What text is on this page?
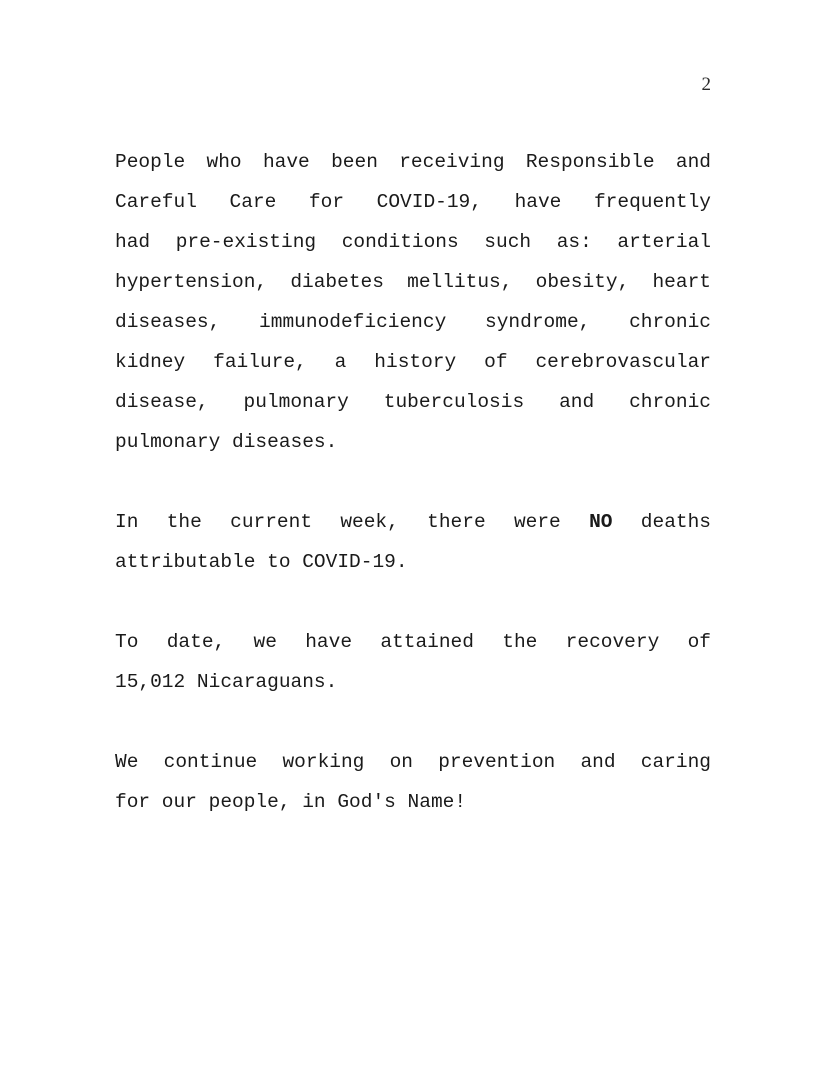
2
People who have been receiving Responsible and
Careful Care for COVID-19, have frequently
had pre-existing conditions such as: arterial
hypertension, diabetes mellitus, obesity, heart
diseases, immunodeficiency syndrome, chronic
kidney failure, a history of cerebrovascular
disease, pulmonary tuberculosis and chronic
pulmonary diseases.
In the current week, there were NO deaths
attributable to COVID-19.
To date, we have attained the recovery of
15,012 Nicaraguans.
We continue working on prevention and caring
for our people, in God's Name!
